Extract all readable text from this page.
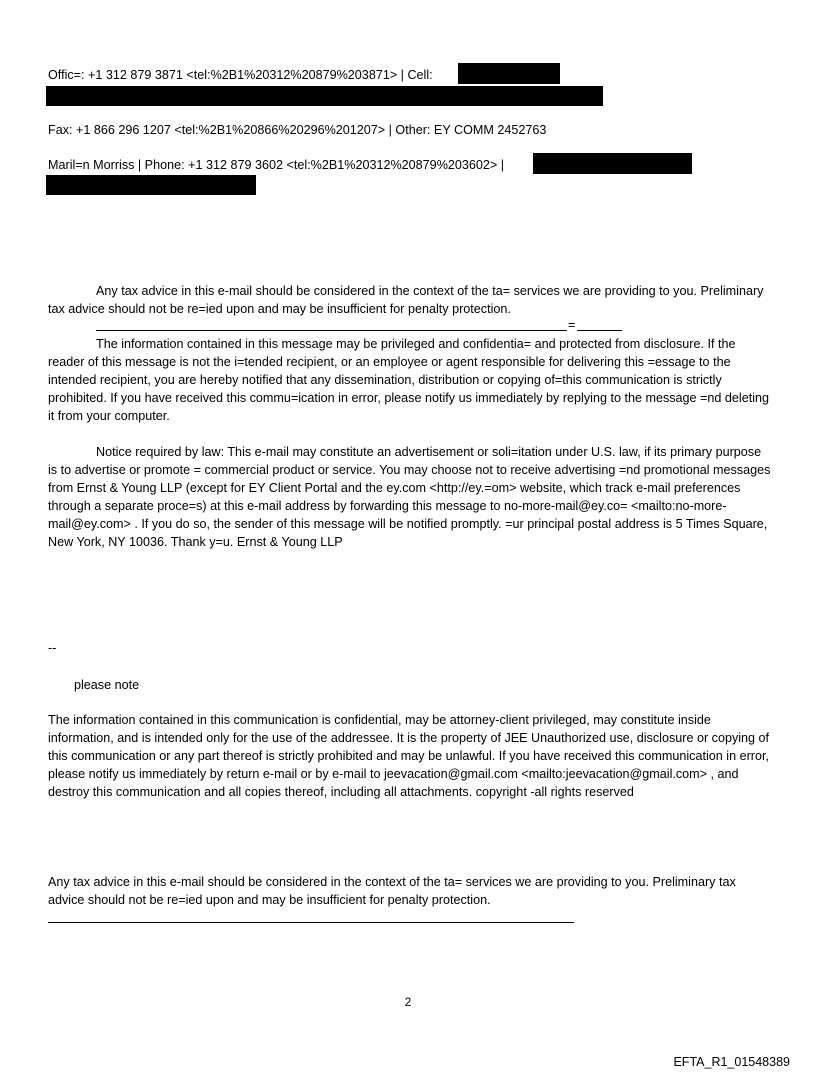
Offic=: +1 312 879 3871 <tel:%2B1%20312%20879%203871> | Cell:

Fax: +1 866 296 1207 <tel:%2B1%20866%20296%201207> | Other: EY COMM 2452763

Maril=n Morriss | Phone: +1 312 879 3602 <tel:%2B1%20312%20879%203602> |

Any tax advice in this e-mail should be considered in the context of the ta= services we are providing to you. Preliminary tax advice should not be re=ied upon and may be insufficient for penalty protection.

=

The information contained in this message may be privileged and confidentia= and protected from disclosure. If the reader of this message is not the i=tended recipient, or an employee or agent responsible for delivering this =essage to the intended recipient, you are hereby notified that any dissemination, distribution or copying of=this communication is strictly prohibited. If you have received this commu=ication in error, please notify us immediately by replying to the message =nd deleting it from your computer.

Notice required by law: This e-mail may constitute an advertisement or soli=itation under U.S. law, if its primary purpose is to advertise or promote = commercial product or service. You may choose not to receive advertising =nd promotional messages from Ernst & Young LLP (except for EY Client Portal and the ey.com <http://ey.=om> website, which track e-mail preferences through a separate proce=s) at this e-mail address by forwarding this message to no-more-mail@ey.co= <mailto:no-more-mail@ey.com> . If you do so, the sender of this message will be notified promptly. =ur principal postal address is 5 Times Square, New York, NY 10036. Thank y=u. Ernst & Young LLP

--

please note

The information contained in this communication is confidential, may be attorney-client privileged, may constitute inside information, and is intended only for the use of the addressee. It is the property of JEE Unauthorized use, disclosure or copying of this communication or any part thereof is strictly prohibited and may be unlawful. If you have received this communication in error, please notify us immediately by return e-mail or by e-mail to jeevacation@gmail.com <mailto:jeevacation@gmail.com> , and destroy this communication and all copies thereof, including all attachments. copyright -all rights reserved

Any tax advice in this e-mail should be considered in the context of the ta= services we are providing to you. Preliminary tax advice should not be re=ied upon and may be insufficient for penalty protection.

2
EFTA_R1_01548389
